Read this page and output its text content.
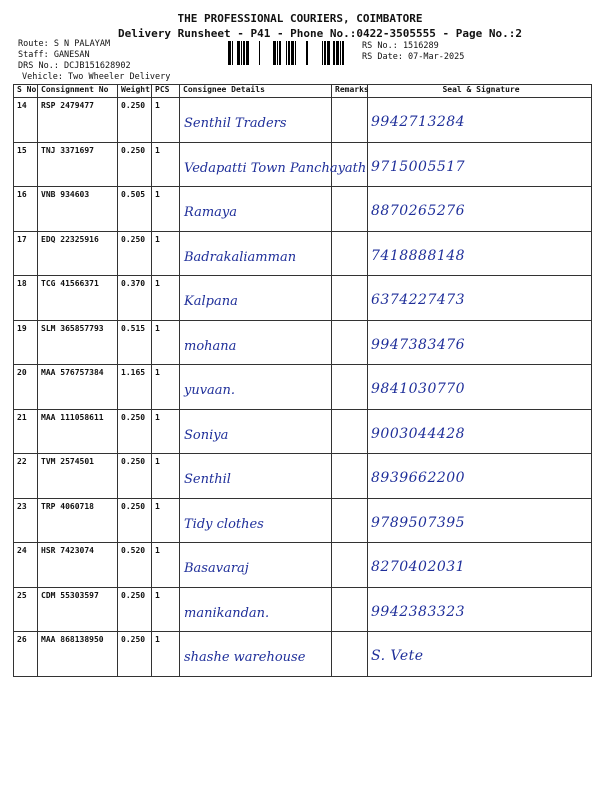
THE PROFESSIONAL COURIERS, COIMBATORE
Delivery Runsheet - P41 - Phone No.:0422-3505555 - Page No.:2
Route: S N PALAYAM
Staff: GANESAN
DRS No.: DCJB151628902
Vehicle: Two Wheeler Delivery
RS No.: 1516289
RS Date: 07-Mar-2025
S No	Consignment No	Weight	PCS	Consignee Details	Remarks	Seal & Signature
14	RSP 2479477	0.250	1	Senthil Traders		9942713284

15	TNJ 3371697	0.250	1	Vedapatti Town Panchayath		9715005517

16	VNB 934603	0.505	1	Ramaya		8870265276

17	EDQ 22325916	0.250	1	Badrakaliamman		7418888148

18	TCG 41566371	0.370	1	Kalpana		6374227473

19	SLM 365857793	0.515	1	mohana		9947383476

20	MAA 576757384	1.165	1	yuvaan.		9841030770

21	MAA 111058611	0.250	1	Soniya		9003044428

22	TVM 2574501	0.250	1	Senthil		8939662200

23	TRP 4060718	0.250	1	Tidy clothes		9789507395

24	HSR 7423074	0.520	1	Basavaraj		8270402031

25	CDM 55303597	0.250	1	manikandan.		9942383323

26	MAA 868138950	0.250	1	shashe warehouse		S. Vete
